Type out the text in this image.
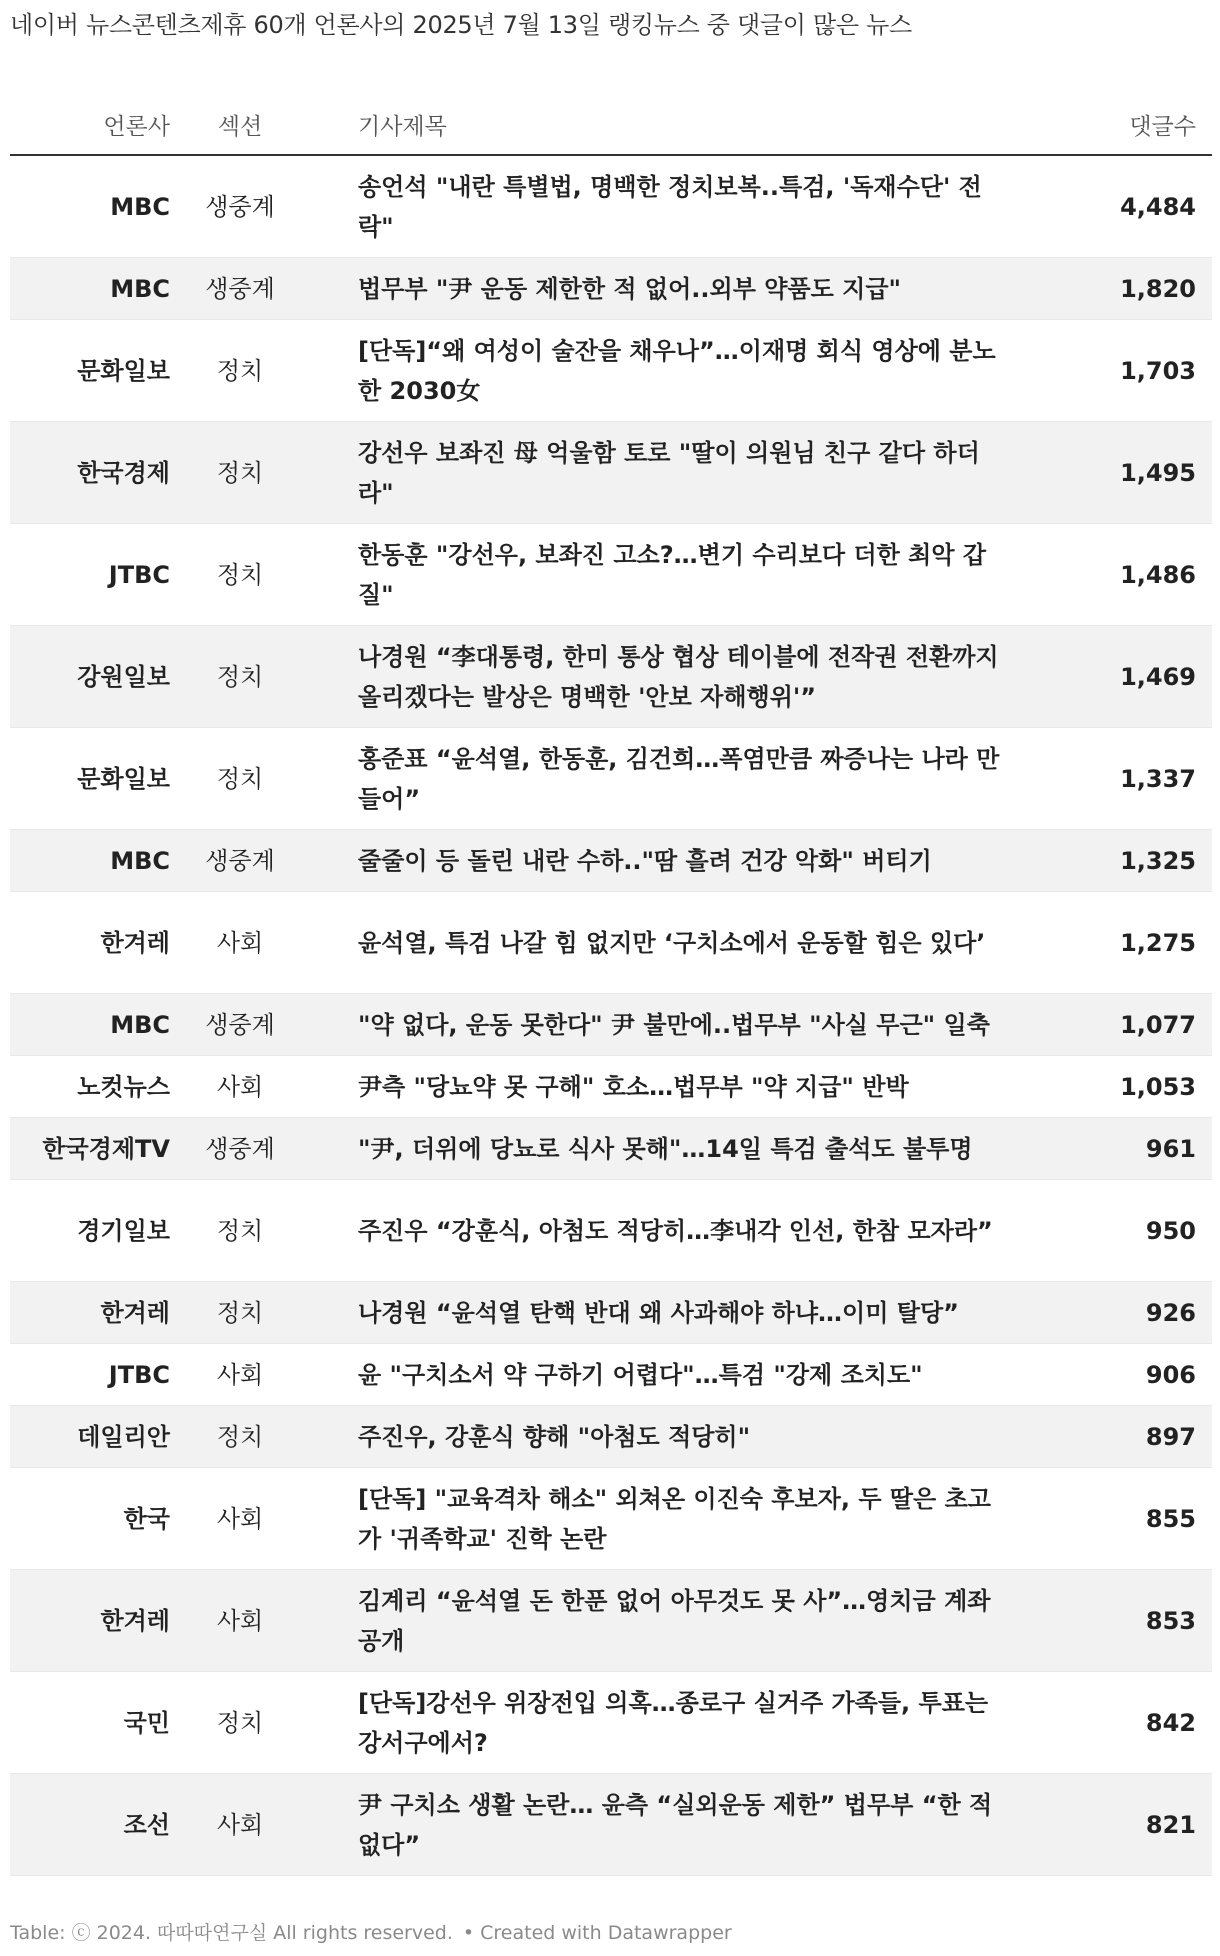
네이버 뉴스콘텐츠제휴 60개 언론사의 2025년 7월 13일 랭킹뉴스 중 댓글이 많은 뉴스
언론사	섹션	기사제목	댓글수
MBC	생중계	송언석 "내란 특별법, 명백한 정치보복..특검, '독재수단' 전락"	4,484
MBC	생중계	법무부 "尹 운동 제한한 적 없어..외부 약품도 지급"	1,820
문화일보	정치	[단독]“왜 여성이 술잔을 채우나”…이재명 회식 영상에 분노한 2030女	1,703
한국경제	정치	강선우 보좌진 母 억울함 토로 "딸이 의원님 친구 같다 하더라"	1,495
JTBC	정치	한동훈 "강선우, 보좌진 고소?…변기 수리보다 더한 최악 갑질"	1,486
강원일보	정치	나경원 “李대통령, 한미 통상 협상 테이블에 전작권 전환까지 올리겠다는 발상은 명백한 '안보 자해행위'”	1,469
문화일보	정치	홍준표 “윤석열, 한동훈, 김건희…폭염만큼 짜증나는 나라 만들어”	1,337
MBC	생중계	줄줄이 등 돌린 내란 수하.."땀 흘려 건강 악화" 버티기	1,325
한겨레	사회	윤석열, 특검 나갈 힘 없지만 ‘구치소에서 운동할 힘은 있다’	1,275
MBC	생중계	"약 없다, 운동 못한다" 尹 불만에..법무부 "사실 무근" 일축	1,077
노컷뉴스	사회	尹측 "당뇨약 못 구해" 호소…법무부 "약 지급" 반박	1,053
한국경제TV	생중계	"尹, 더위에 당뇨로 식사 못해"…14일 특검 출석도 불투명	961
경기일보	정치	주진우 “강훈식, 아첨도 적당히…李내각 인선, 한참 모자라”	950
한겨레	정치	나경원 “윤석열 탄핵 반대 왜 사과해야 하냐…이미 탈당”	926
JTBC	사회	윤 "구치소서 약 구하기 어렵다"…특검 "강제 조치도"	906
데일리안	정치	주진우, 강훈식 향해 "아첨도 적당히"	897
한국	사회	[단독] "교육격차 해소" 외쳐온 이진숙 후보자, 두 딸은 초고가 '귀족학교' 진학 논란	855
한겨레	사회	김계리 “윤석열 돈 한푼 없어 아무것도 못 사”…영치금 계좌 공개	853
국민	정치	[단독]강선우 위장전입 의혹…종로구 실거주 가족들, 투표는 강서구에서?	842
조선	사회	尹 구치소 생활 논란… 윤측 “실외운동 제한” 법무부 “한 적 없다”	821
Table: ⓒ 2024. 따따따연구실 All rights reserved. • Created with Datawrapper
